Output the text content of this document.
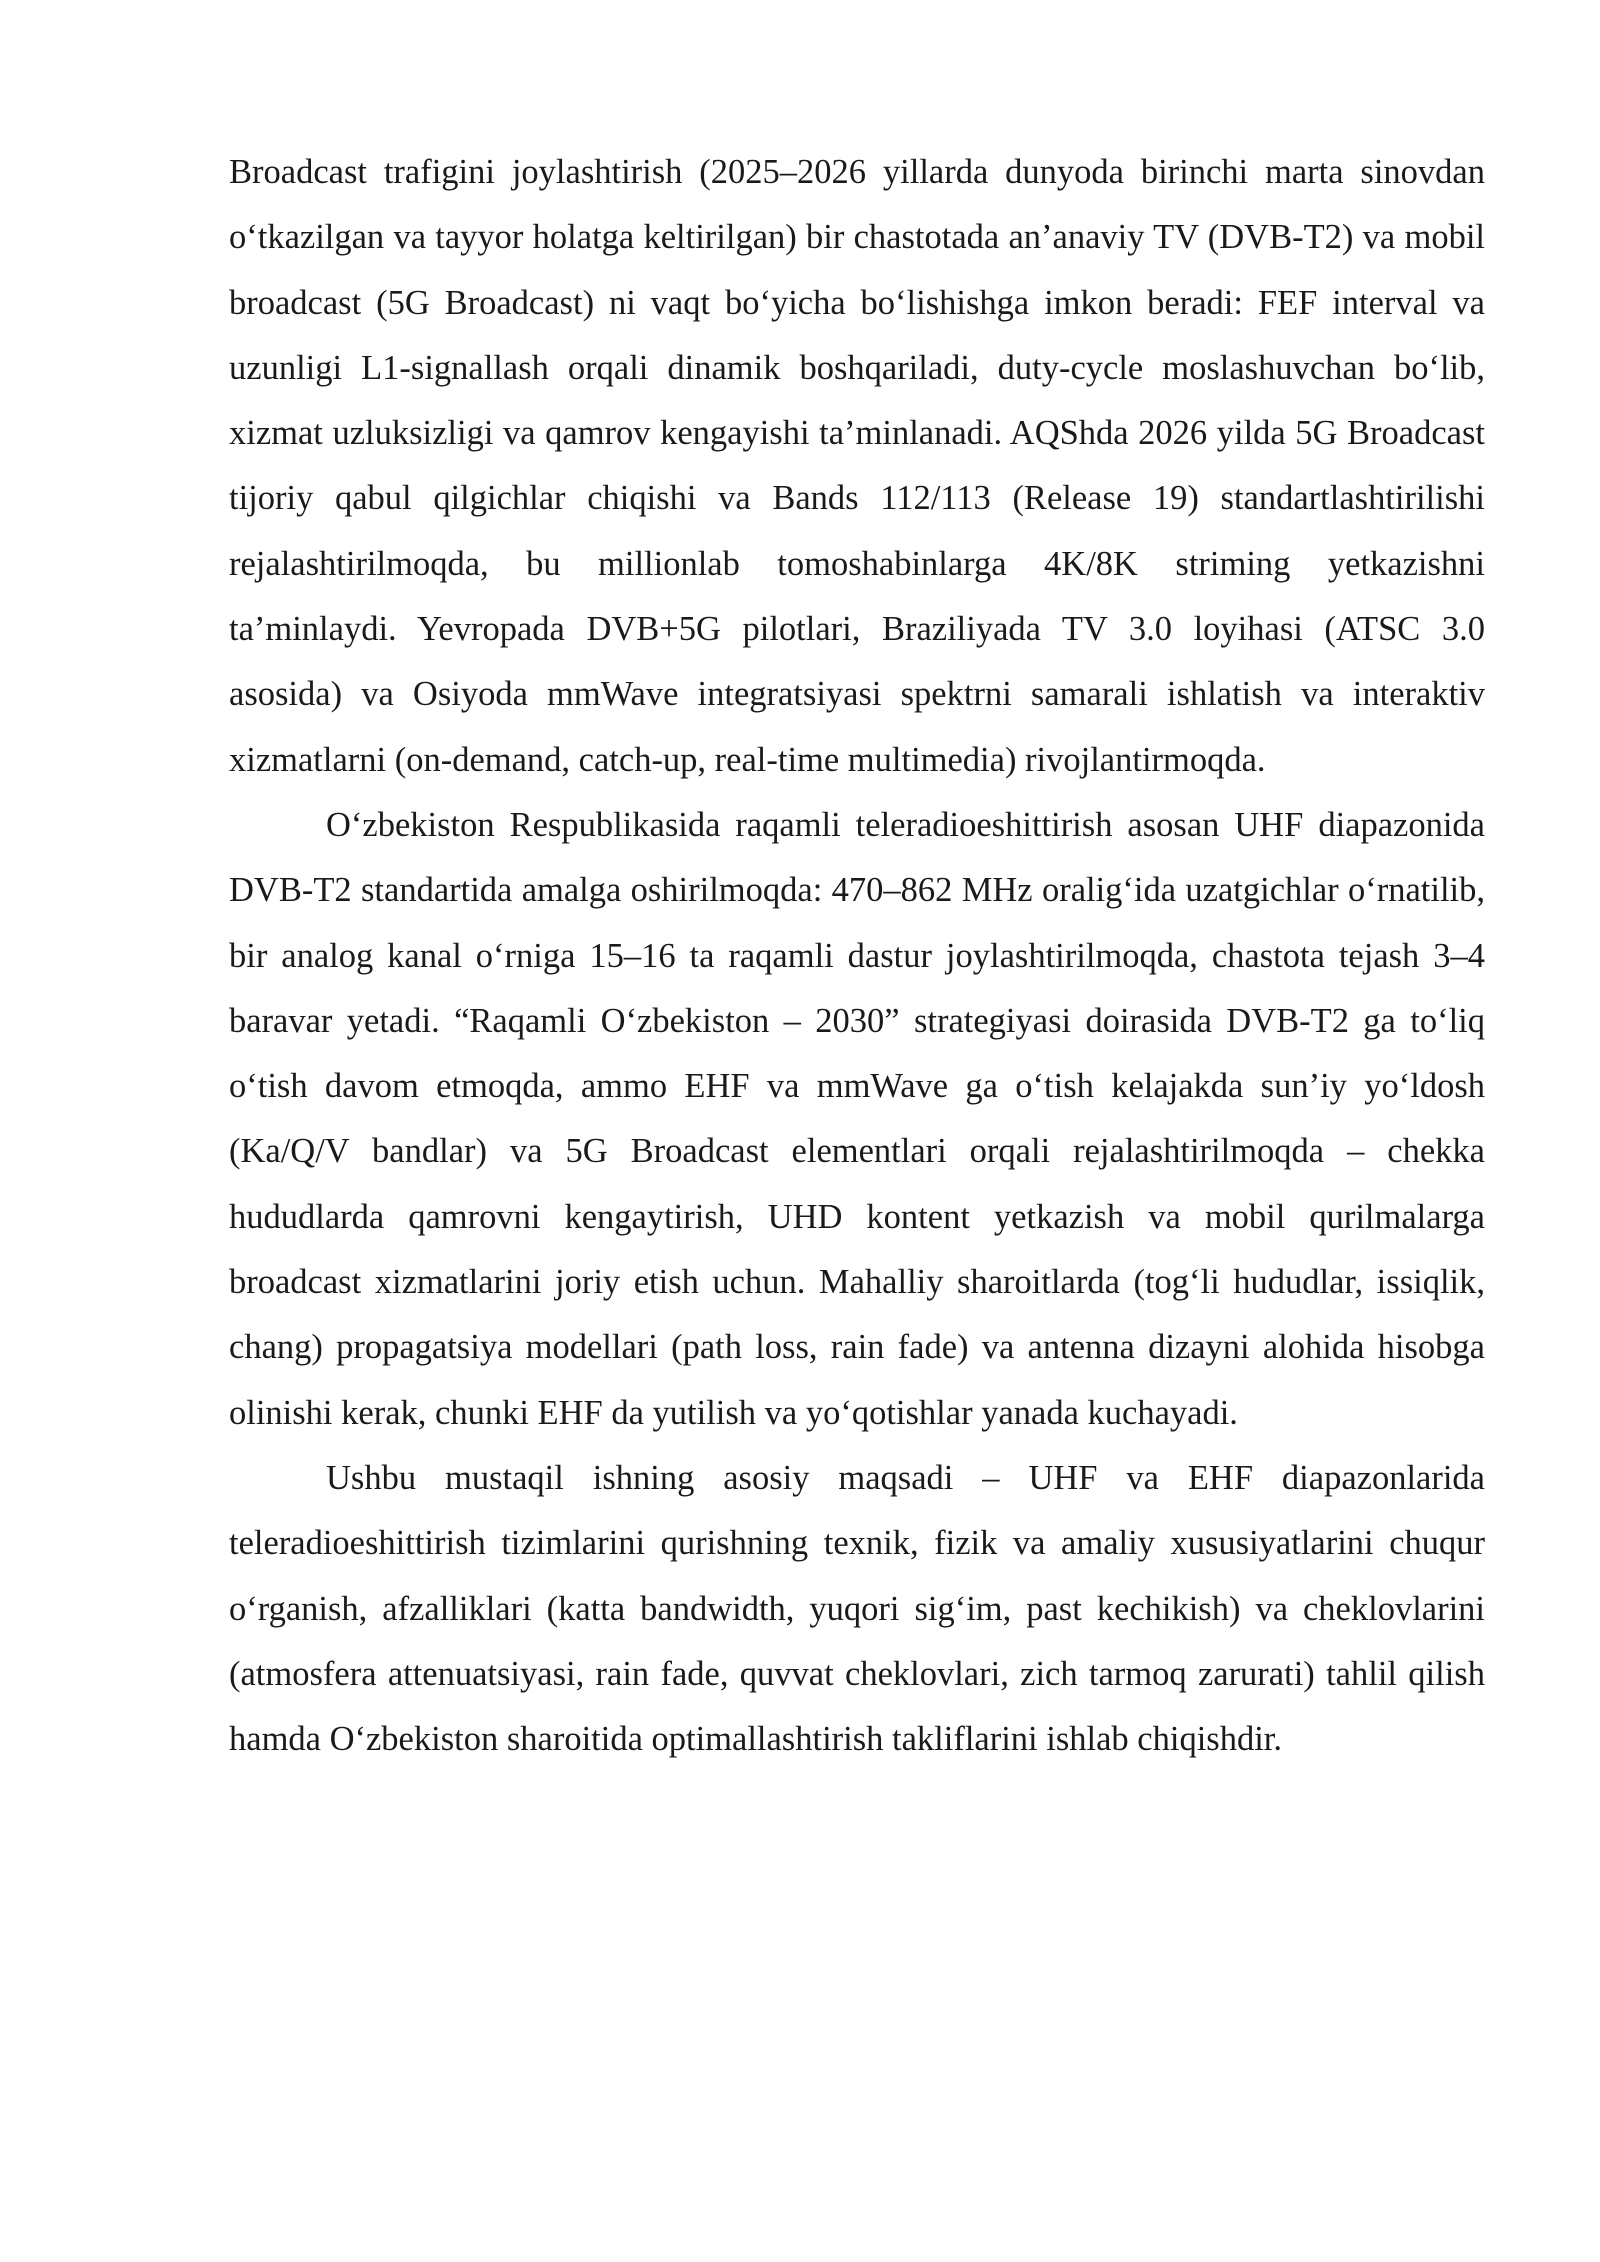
Broadcast trafigini joylashtirish (2025–2026 yillarda dunyoda birinchi marta sinovdan o‘tkazilgan va tayyor holatga keltirilgan) bir chastotada an’anaviy TV (DVB-T2) va mobil broadcast (5G Broadcast) ni vaqt bo‘yicha bo‘lishishga imkon beradi: FEF interval va uzunligi L1-signallash orqali dinamik boshqariladi, duty-cycle moslashuvchan bo‘lib, xizmat uzluksizligi va qamrov kengayishi ta’minlanadi. AQShda 2026 yilda 5G Broadcast tijoriy qabul qilgichlar chiqishi va Bands 112/113 (Release 19) standartlashtirilishi rejalashtirilmoqda, bu millionlab tomoshabinlarga 4K/8K striming yetkazishni ta’minlaydi. Yevropada DVB+5G pilotlari, Braziliyada TV 3.0 loyihasi (ATSC 3.0 asosida) va Osiyoda mmWave integratsiyasi spektrni samarali ishlatish va interaktiv xizmatlarni (on-demand, catch-up, real-time multimedia) rivojlantirmoqda.

O‘zbekiston Respublikasida raqamli teleradioeshittirish asosan UHF diapazonida DVB-T2 standartida amalga oshirilmoqda: 470–862 MHz oralig‘ida uzatgichlar o‘rnatilib, bir analog kanal o‘rniga 15–16 ta raqamli dastur joylashtirilmoqda, chastota tejash 3–4 baravar yetadi. “Raqamli O‘zbekiston – 2030” strategiyasi doirasida DVB-T2 ga to‘liq o‘tish davom etmoqda, ammo EHF va mmWave ga o‘tish kelajakda sun’iy yo‘ldosh (Ka/Q/V bandlar) va 5G Broadcast elementlari orqali rejalashtirilmoqda – chekka hududlarda qamrovni kengaytirish, UHD kontent yetkazish va mobil qurilmalarga broadcast xizmatlarini joriy etish uchun. Mahalliy sharoitlarda (tog‘li hududlar, issiqlik, chang) propagatsiya modellari (path loss, rain fade) va antenna dizayni alohida hisobga olinishi kerak, chunki EHF da yutilish va yo‘qotishlar yanada kuchayadi.

Ushbu mustaqil ishning asosiy maqsadi – UHF va EHF diapazonlarida teleradioeshittirish tizimlarini qurishning texnik, fizik va amaliy xususiyatlarini chuqur o‘rganish, afzalliklari (katta bandwidth, yuqori sig‘im, past kechikish) va cheklovlarini (atmosfera attenuatsiyasi, rain fade, quvvat cheklovlari, zich tarmoq zarurati) tahlil qilish hamda O‘zbekiston sharoitida optimallashtirish takliflarini ishlab chiqishdir.
